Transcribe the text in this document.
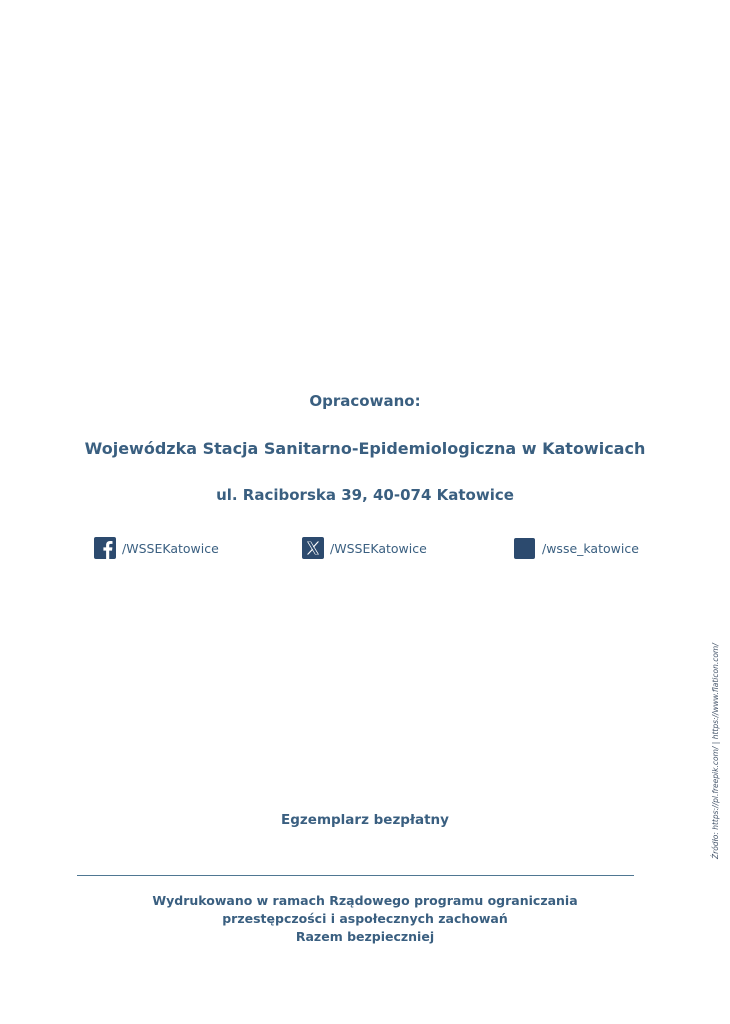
Opracowano:
Wojewódzka Stacja Sanitarno-Epidemiologiczna w Katowicach
ul. Raciborska 39, 40-074 Katowice
/WSSEKatowice	/WSSEKatowice	/wsse_katowice
Źródło: https://pl.freepik.com/ | https://www.flaticon.com/
Egzemplarz bezpłatny
Wydrukowano w ramach Rządowego programu ograniczania
przestępczości i aspołecznych zachowań
Razem bezpieczniej
